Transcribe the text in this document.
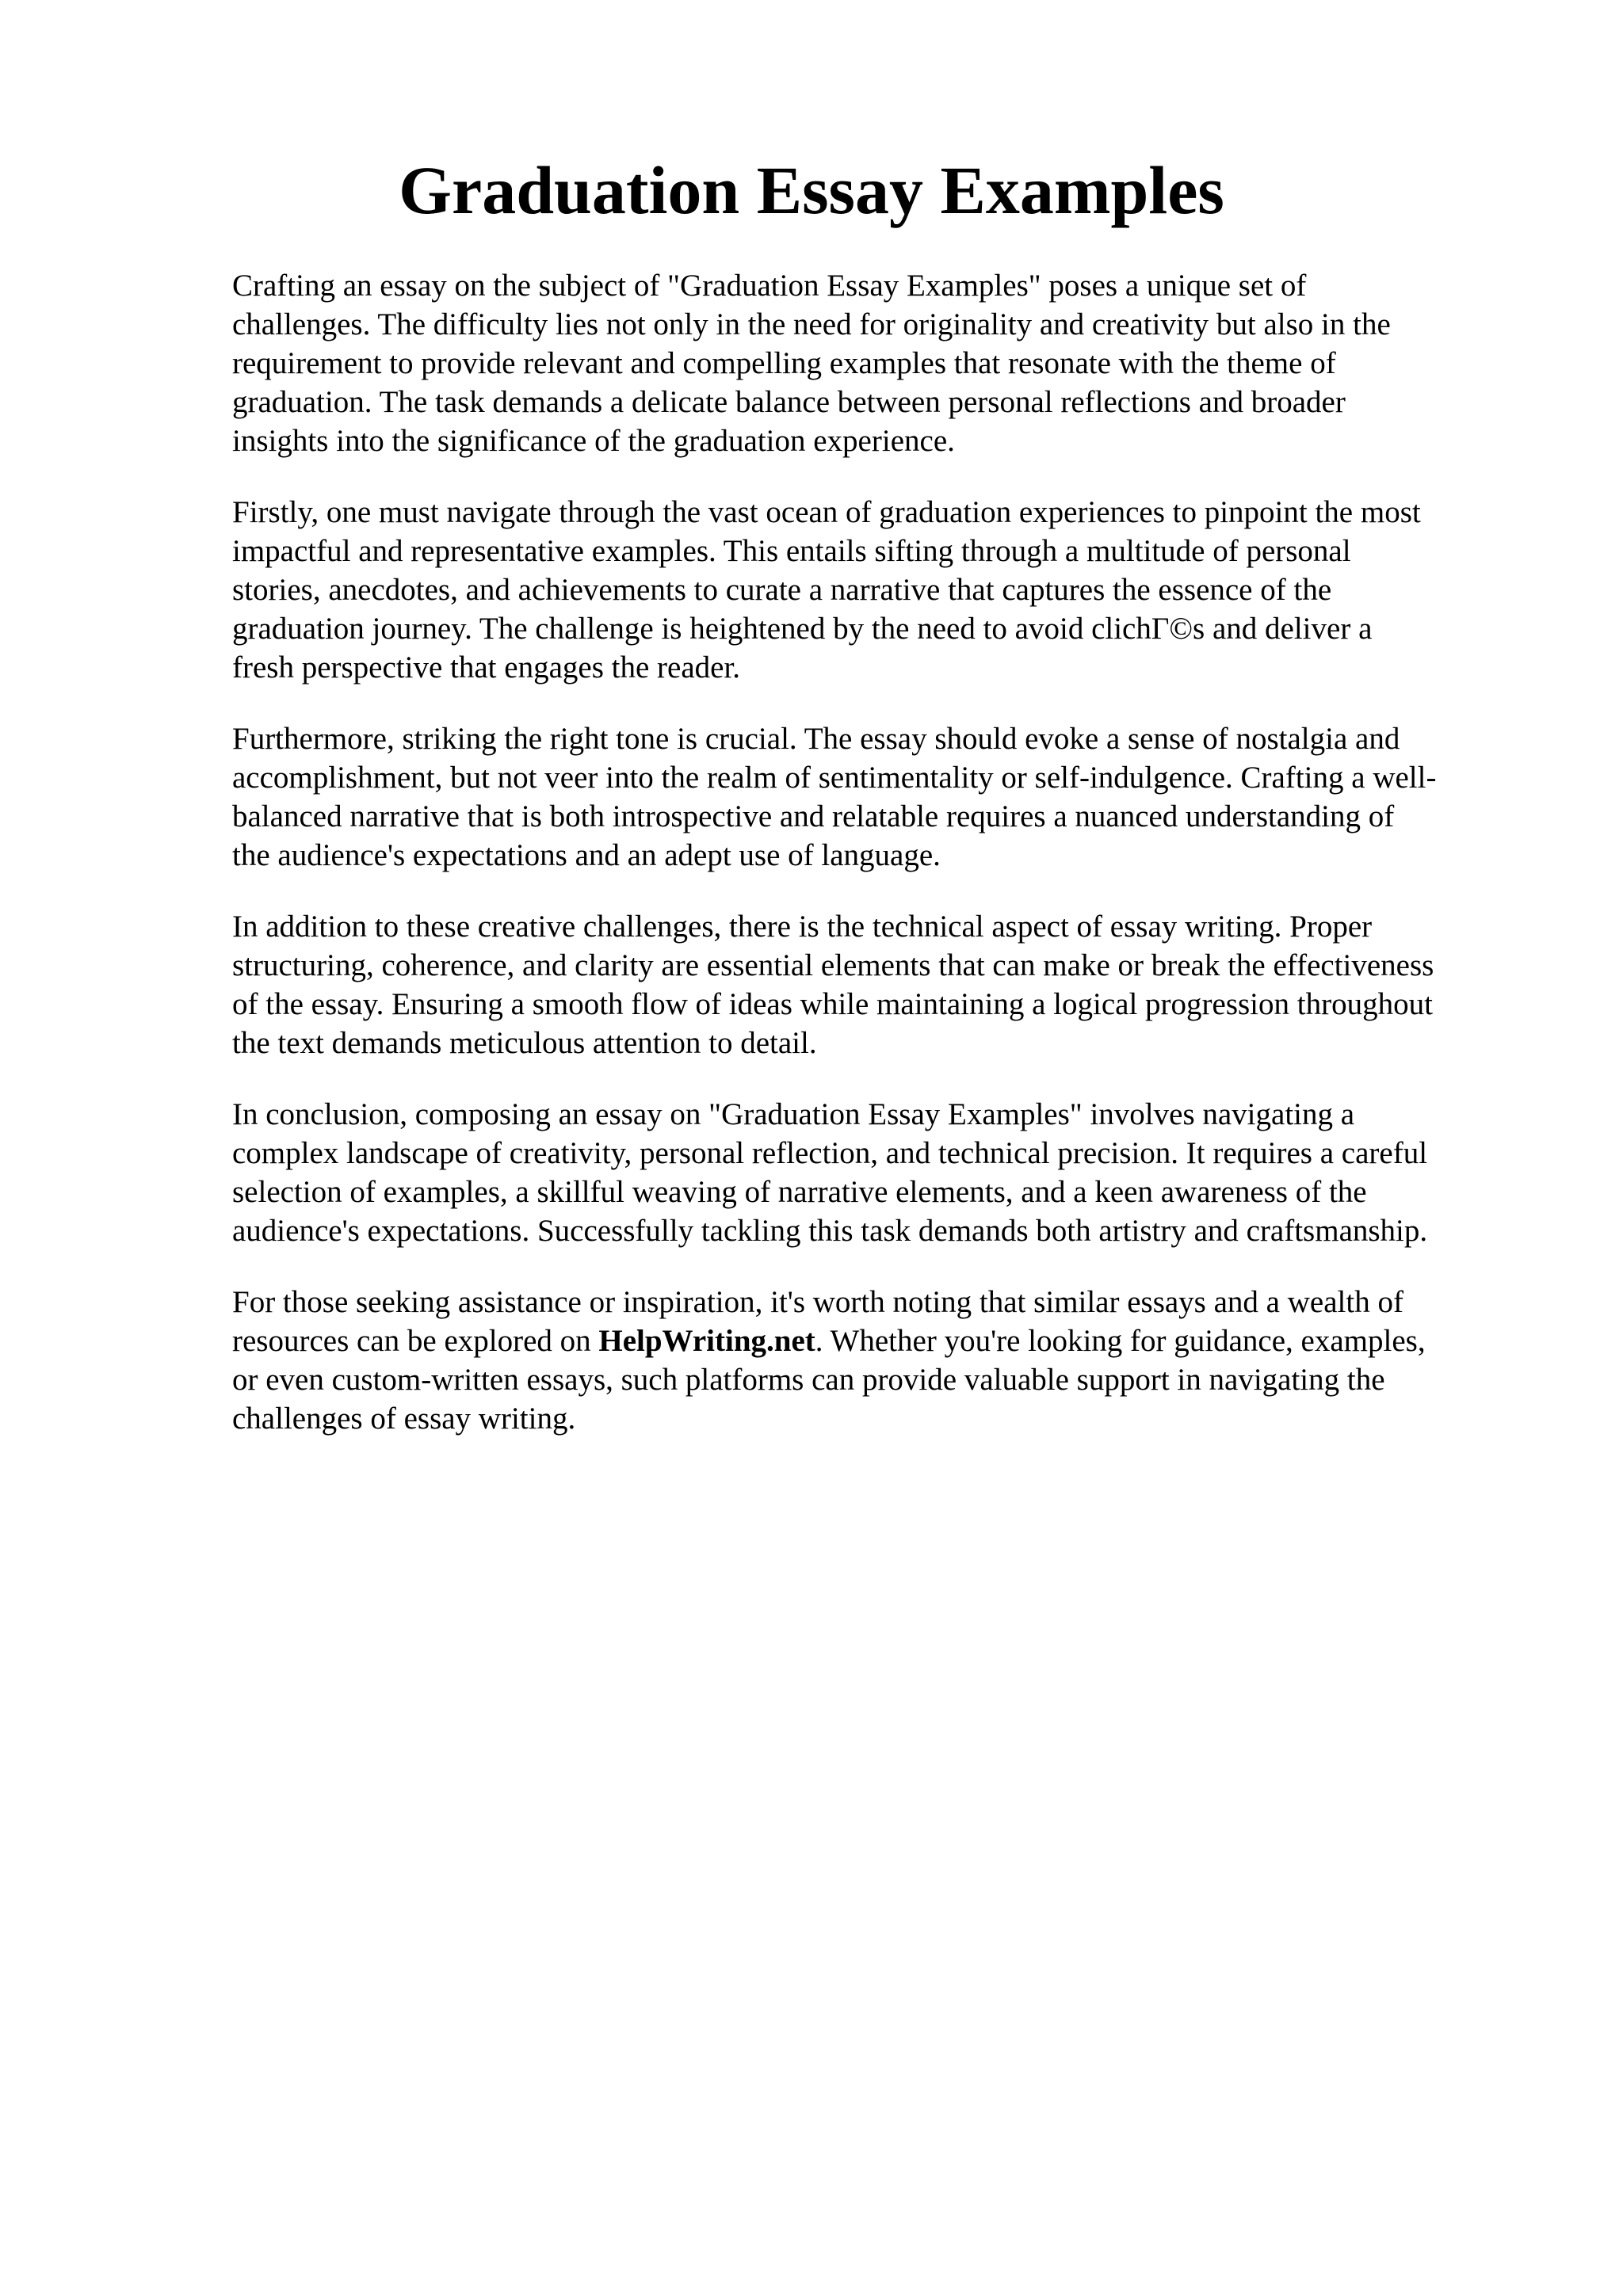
Graduation Essay Examples

Crafting an essay on the subject of "Graduation Essay Examples" poses a unique set of
challenges. The difficulty lies not only in the need for originality and creativity but also in the
requirement to provide relevant and compelling examples that resonate with the theme of
graduation. The task demands a delicate balance between personal reflections and broader
insights into the significance of the graduation experience.

Firstly, one must navigate through the vast ocean of graduation experiences to pinpoint the most
impactful and representative examples. This entails sifting through a multitude of personal
stories, anecdotes, and achievements to curate a narrative that captures the essence of the
graduation journey. The challenge is heightened by the need to avoid clichГ©s and deliver a
fresh perspective that engages the reader.

Furthermore, striking the right tone is crucial. The essay should evoke a sense of nostalgia and
accomplishment, but not veer into the realm of sentimentality or self-indulgence. Crafting a well-
balanced narrative that is both introspective and relatable requires a nuanced understanding of
the audience's expectations and an adept use of language.

In addition to these creative challenges, there is the technical aspect of essay writing. Proper
structuring, coherence, and clarity are essential elements that can make or break the effectiveness
of the essay. Ensuring a smooth flow of ideas while maintaining a logical progression throughout
the text demands meticulous attention to detail.

In conclusion, composing an essay on "Graduation Essay Examples" involves navigating a
complex landscape of creativity, personal reflection, and technical precision. It requires a careful
selection of examples, a skillful weaving of narrative elements, and a keen awareness of the
audience's expectations. Successfully tackling this task demands both artistry and craftsmanship.

For those seeking assistance or inspiration, it's worth noting that similar essays and a wealth of
resources can be explored on HelpWriting.net. Whether you're looking for guidance, examples,
or even custom-written essays, such platforms can provide valuable support in navigating the
challenges of essay writing.
